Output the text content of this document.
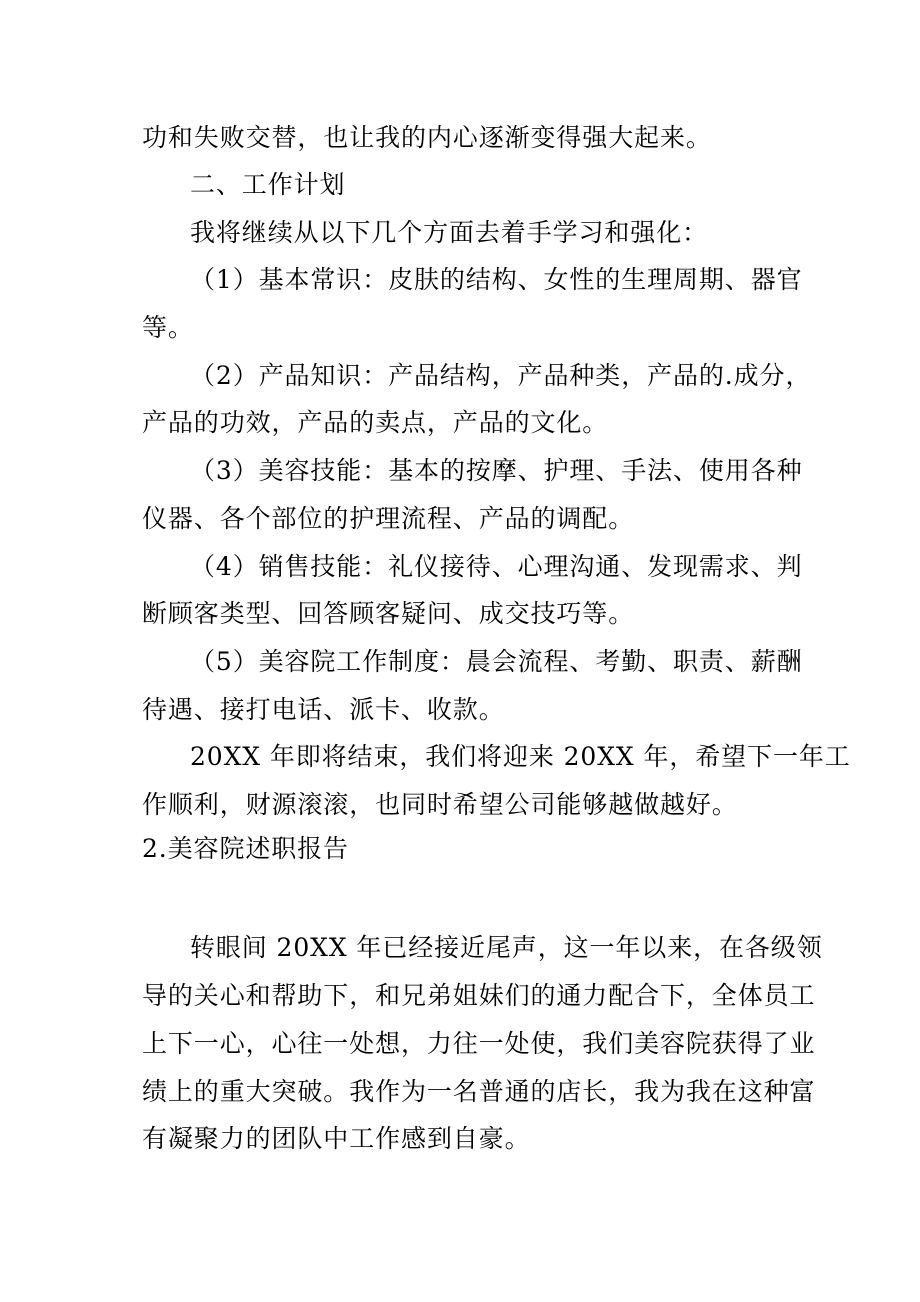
功和失败交替，也让我的内心逐渐变得强大起来。
二、工作计划
我将继续从以下几个方面去着手学习和强化：
（1）基本常识：皮肤的结构、女性的生理周期、器官
等。
（2）产品知识：产品结构，产品种类，产品的.成分，
产品的功效，产品的卖点，产品的文化。
（3）美容技能：基本的按摩、护理、手法、使用各种
仪器、各个部位的护理流程、产品的调配。
（4）销售技能：礼仪接待、心理沟通、发现需求、判
断顾客类型、回答顾客疑问、成交技巧等。
（5）美容院工作制度：晨会流程、考勤、职责、薪酬
待遇、接打电话、派卡、收款。
20XX 年即将结束，我们将迎来 20XX 年，希望下一年工
作顺利，财源滚滚，也同时希望公司能够越做越好。
2.美容院述职报告
转眼间 20XX 年已经接近尾声，这一年以来，在各级领
导的关心和帮助下，和兄弟姐妹们的通力配合下，全体员工
上下一心，心往一处想，力往一处使，我们美容院获得了业
绩上的重大突破。我作为一名普通的店长，我为我在这种富
有凝聚力的团队中工作感到自豪。
